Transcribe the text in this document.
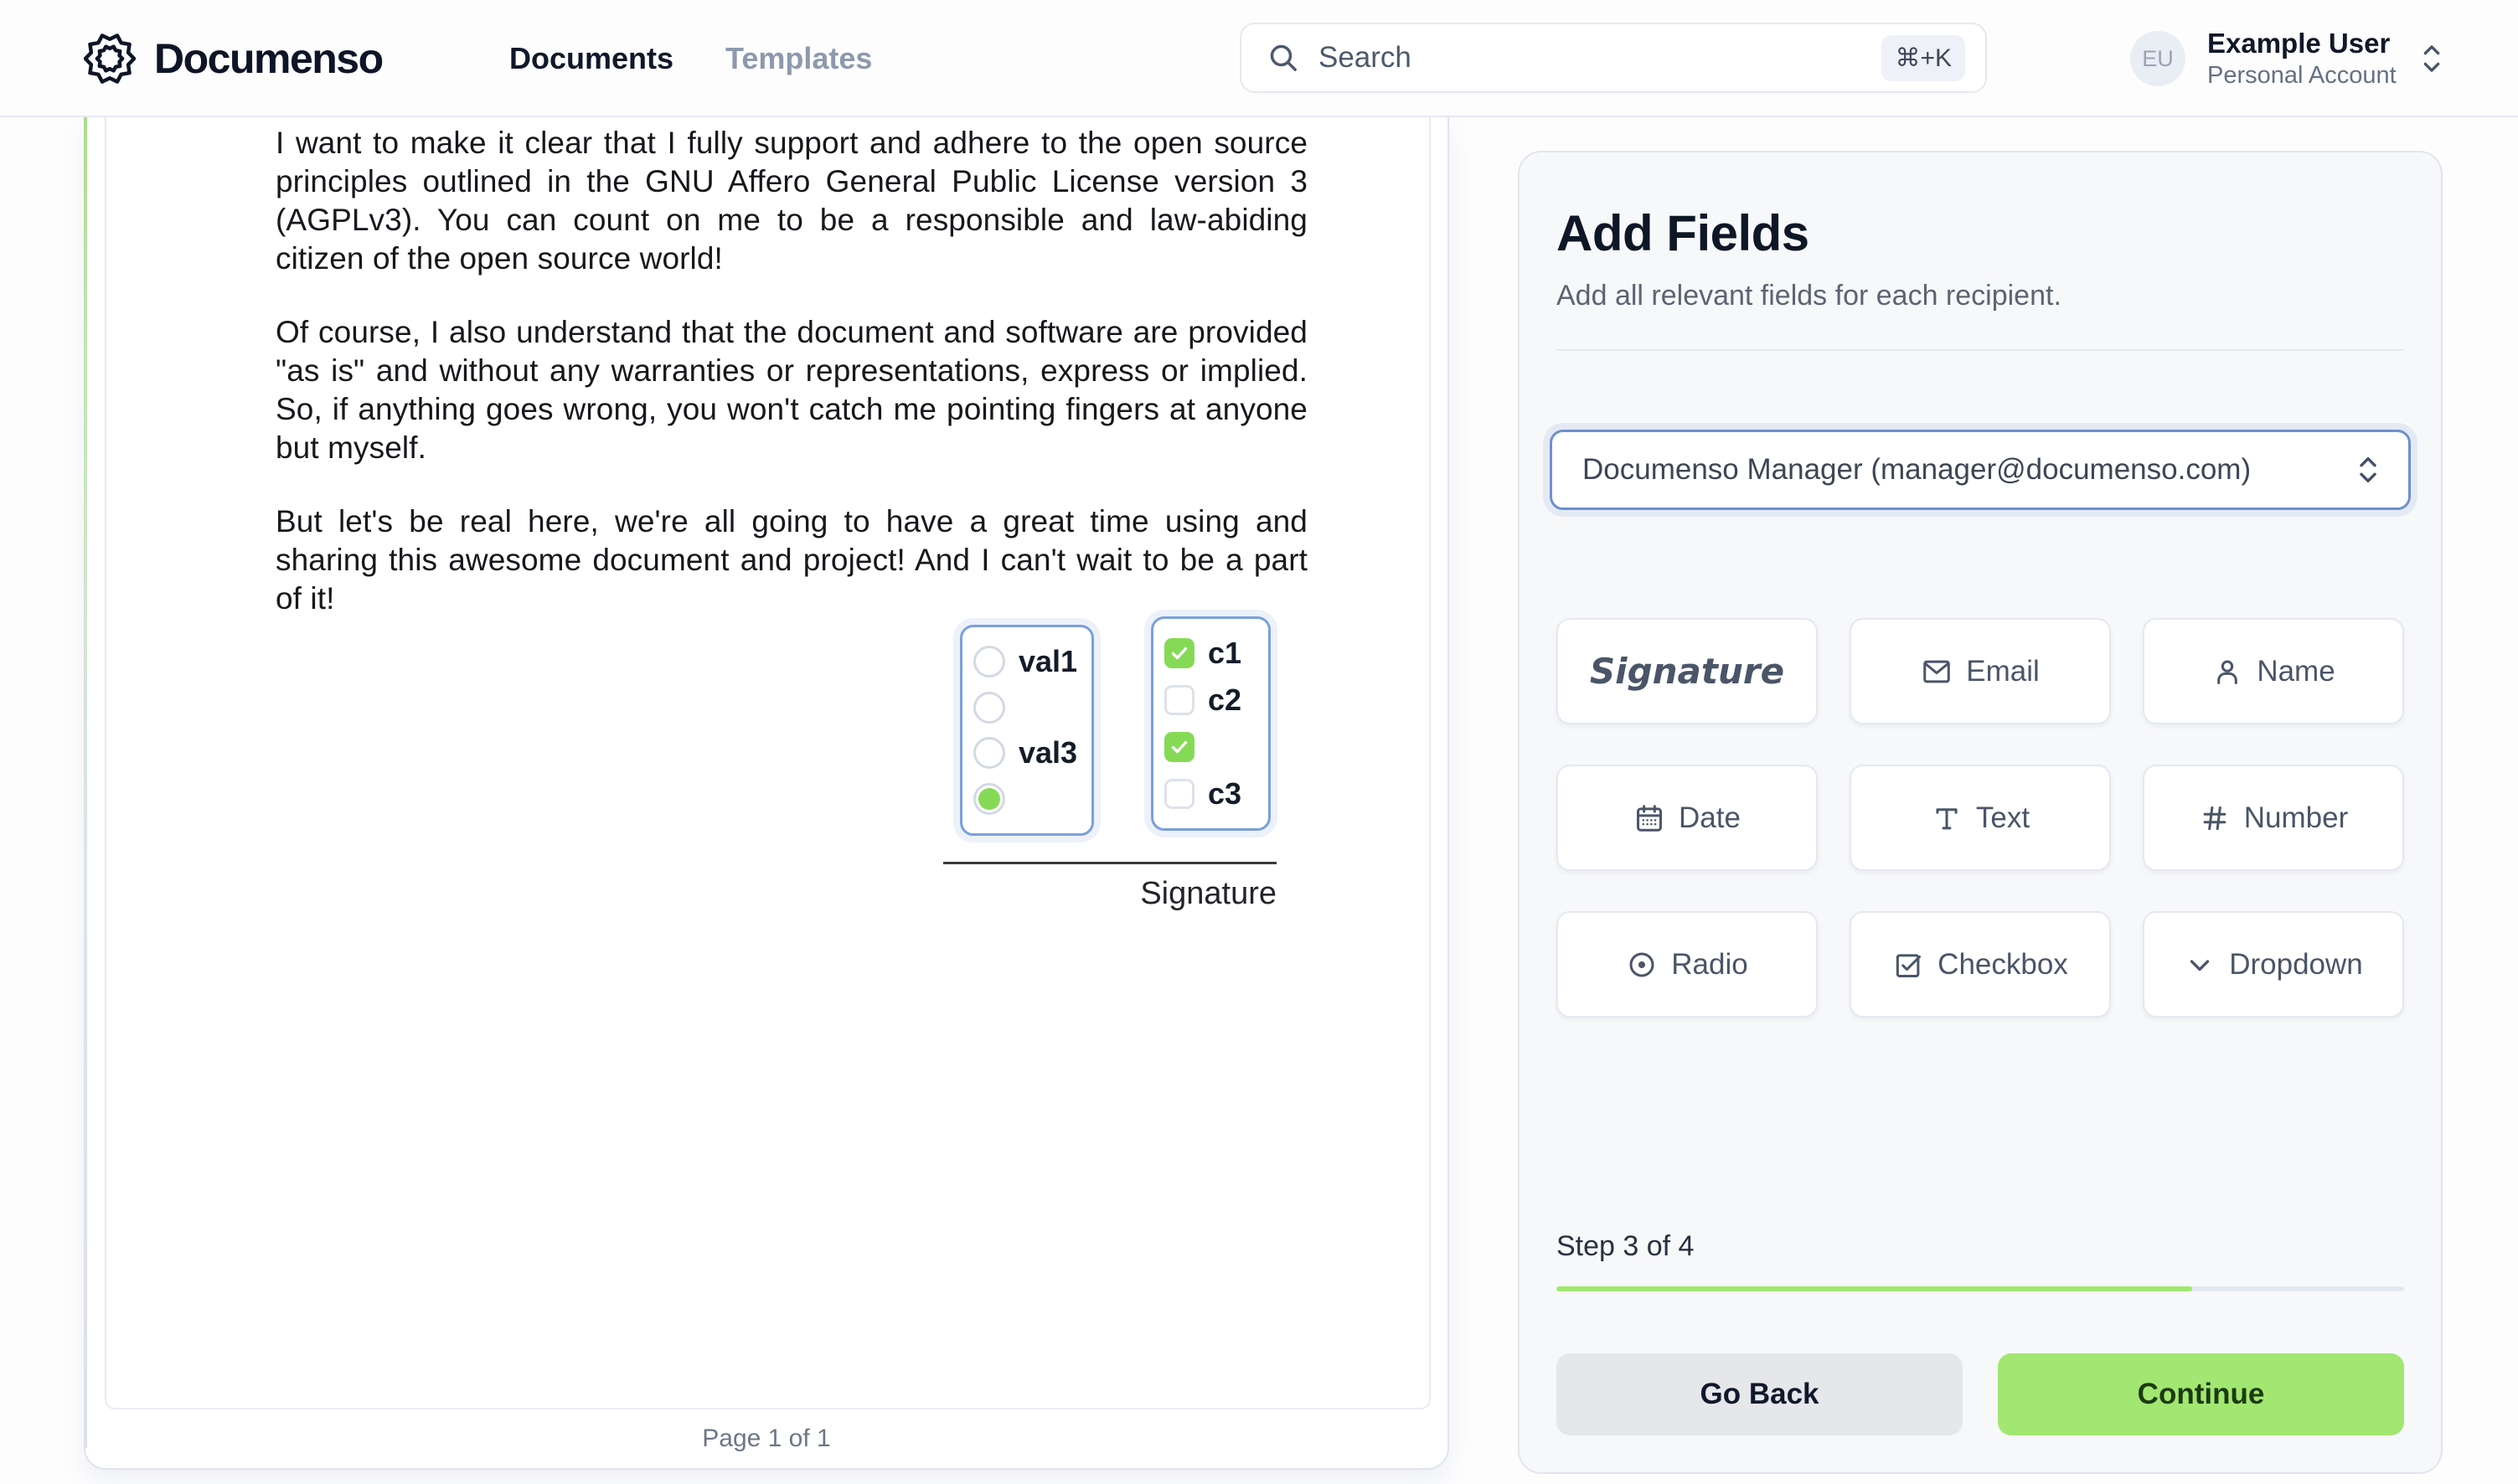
Documenso	Documents Templates
Search	⌘+K	EU	Example User
Personal Account

I want to make it clear that I fully support and adhere to the open source principles outlined in the GNU Affero General Public License version 3 (AGPLv3). You can count on me to be a responsible and law-abiding citizen of the open source world!

Of course, I also understand that the document and software are provided "as is" and without any warranties or representations, express or implied. So, if anything goes wrong, you won't catch me pointing fingers at anyone but myself.

But let's be real here, we're all going to have a great time using and sharing this awesome document and project! And I can't wait to be a part of it!

val1
val3
c1
c2
c3
Signature
Page 1 of 1
Add Fields
Add all relevant fields for each recipient.
Documenso Manager (manager@documenso.com)
Signature	Email	Name
Date	Text	Number
Radio	Checkbox	Dropdown
Step 3 of 4
Go Back	Continue
